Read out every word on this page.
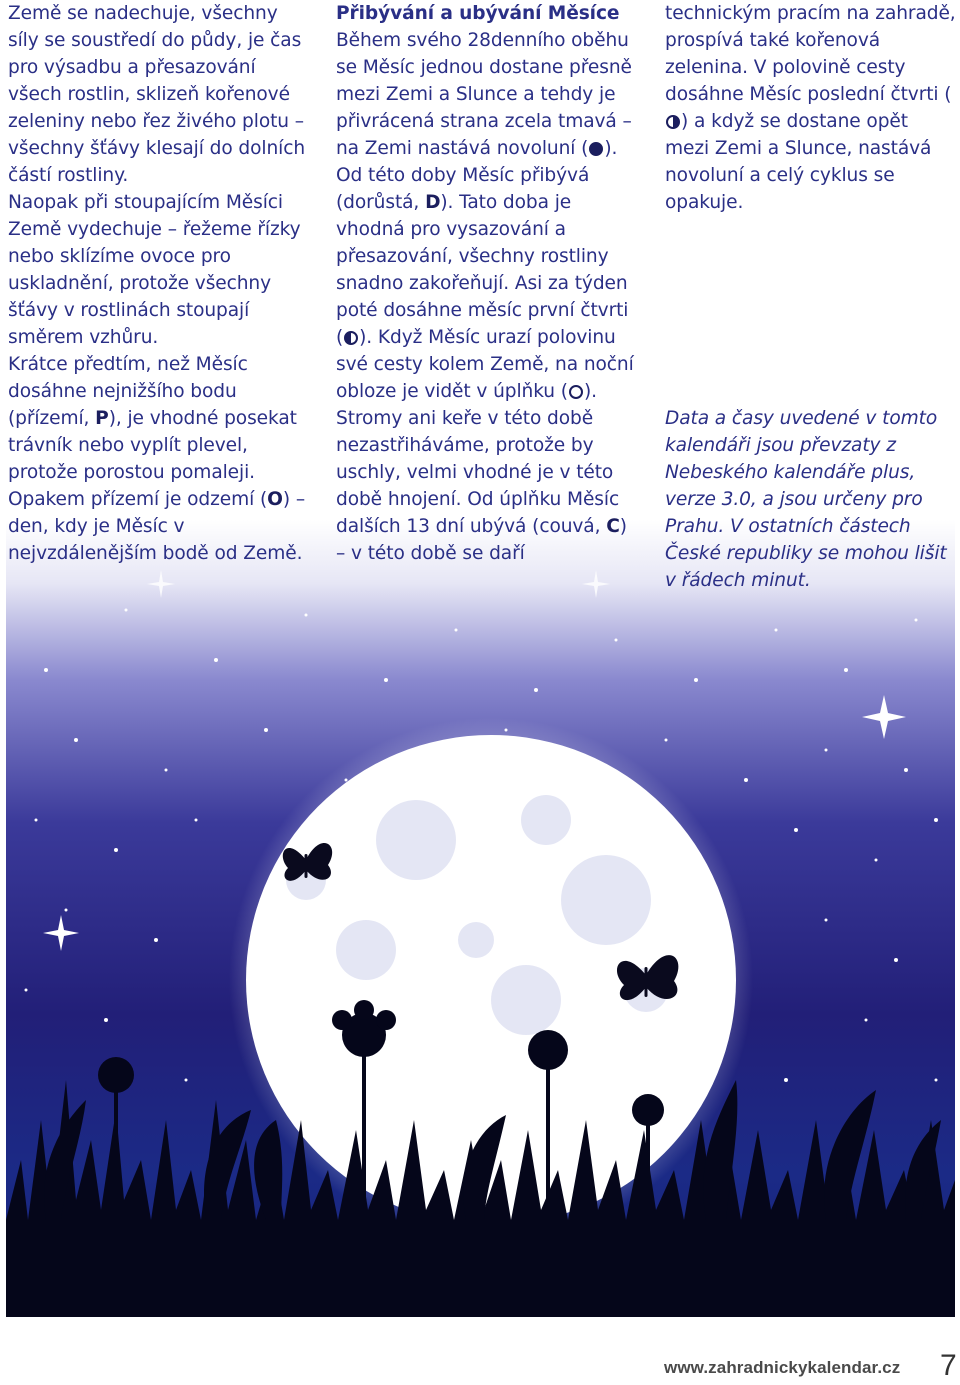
Země se nadechuje, všechny síly se soustředí do půdy, je čas pro výsadbu a přesazování všech rostlin, sklizeň kořenové zeleniny nebo řez živého plotu – všechny šťávy klesají do dolních částí rostliny.

Naopak při stoupajícím Měsíci Země vydechuje – řežeme řízky nebo sklízíme ovoce pro uskladnění, protože všechny šťávy v rostlinách stoupají směrem vzhůru.

Krátce předtím, než Měsíc dosáhne nejnižšího bodu (přízemí, P), je vhodné posekat trávník nebo vyplít plevel, protože porostou pomaleji.

Opakem přízemí je odzemí (O) – den, kdy je Měsíc v nejvzdálenějším bodě od Země.

Přibývání a ubývání Měsíce

Během svého 28denního oběhu se Měsíc jednou dostane přesně mezi Zemi a Slunce a tehdy je přivrácená strana zcela tmavá – na Zemi nastává novoluní ( ). Od této doby Měsíc přibývá (dorůstá, D). Tato doba je vhodná pro vysazování a přesazování, všechny rostliny snadno zakořeňují. Asi za týden poté dosáhne měsíc první čtvrti ( ). Když Měsíc urazí polovinu své cesty kolem Země, na noční obloze je vidět v úplňku ( ). Stromy ani keře v této době nezastřiháváme, protože by uschly, velmi vhodné je v této době hnojení. Od úplňku Měsíc dalších 13 dní ubývá (couvá, C) – v této době se daří

technickým pracím na zahradě, prospívá také kořenová zelenina. V polovině cesty dosáhne Měsíc poslední čtvrti () a když se dostane opět mezi Zemi a Slunce, nastává novoluní a celý cyklus se opakuje.

Data a časy uvedené v tomto kalendáři jsou převzaty z Nebeského kalendáře plus, verze 3.0, a jsou určeny pro Prahu. V ostatních částech České republiky se mohou lišit v řádech minut.

www.zahradnickykalendar.cz 7
